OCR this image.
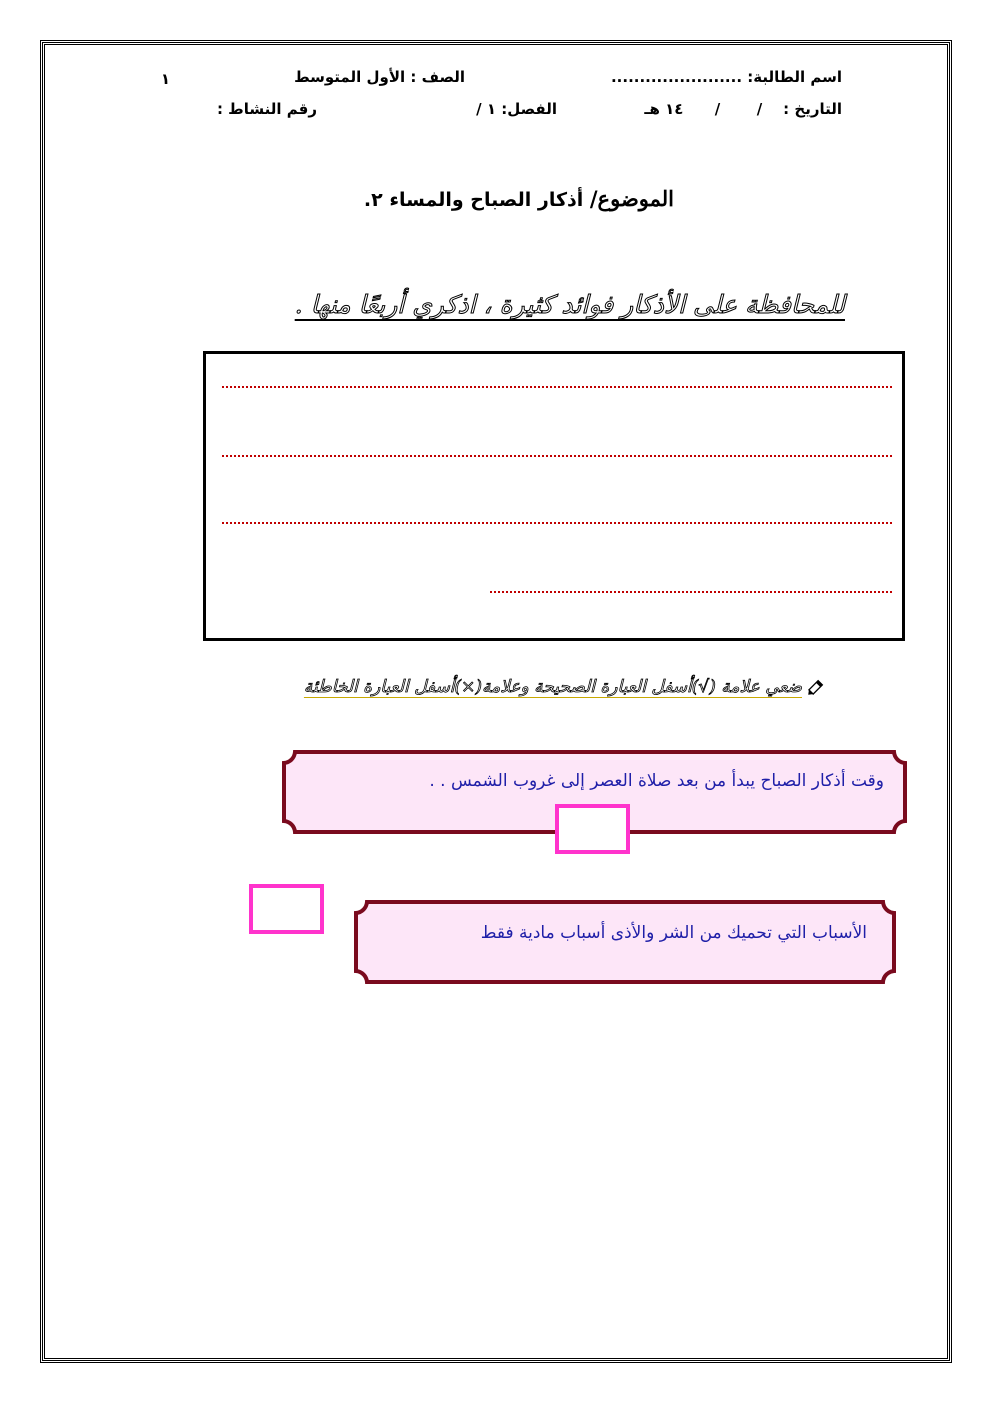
اسم الطالبة: .......................
الصف : الأول المتوسط
١
التاريخ :    /       /      ١٤ هـ
الفصل: ١ /
رقم النشاط :
الموضوع/ أذكار الصباح والمساء ٢.
للمحافظة على الأذكار فوائد كثيرة ، اذكري أربعًا منها .
ضعي علامة (√)أسفل العبارة الصحيحة وعلامة(×)أسفل العبارة الخاطئة
وقت أذكار الصباح يبدأ من بعد صلاة العصر إلى غروب الشمس . .
الأسباب التي تحميك من الشر والأذى أسباب مادية فقط
